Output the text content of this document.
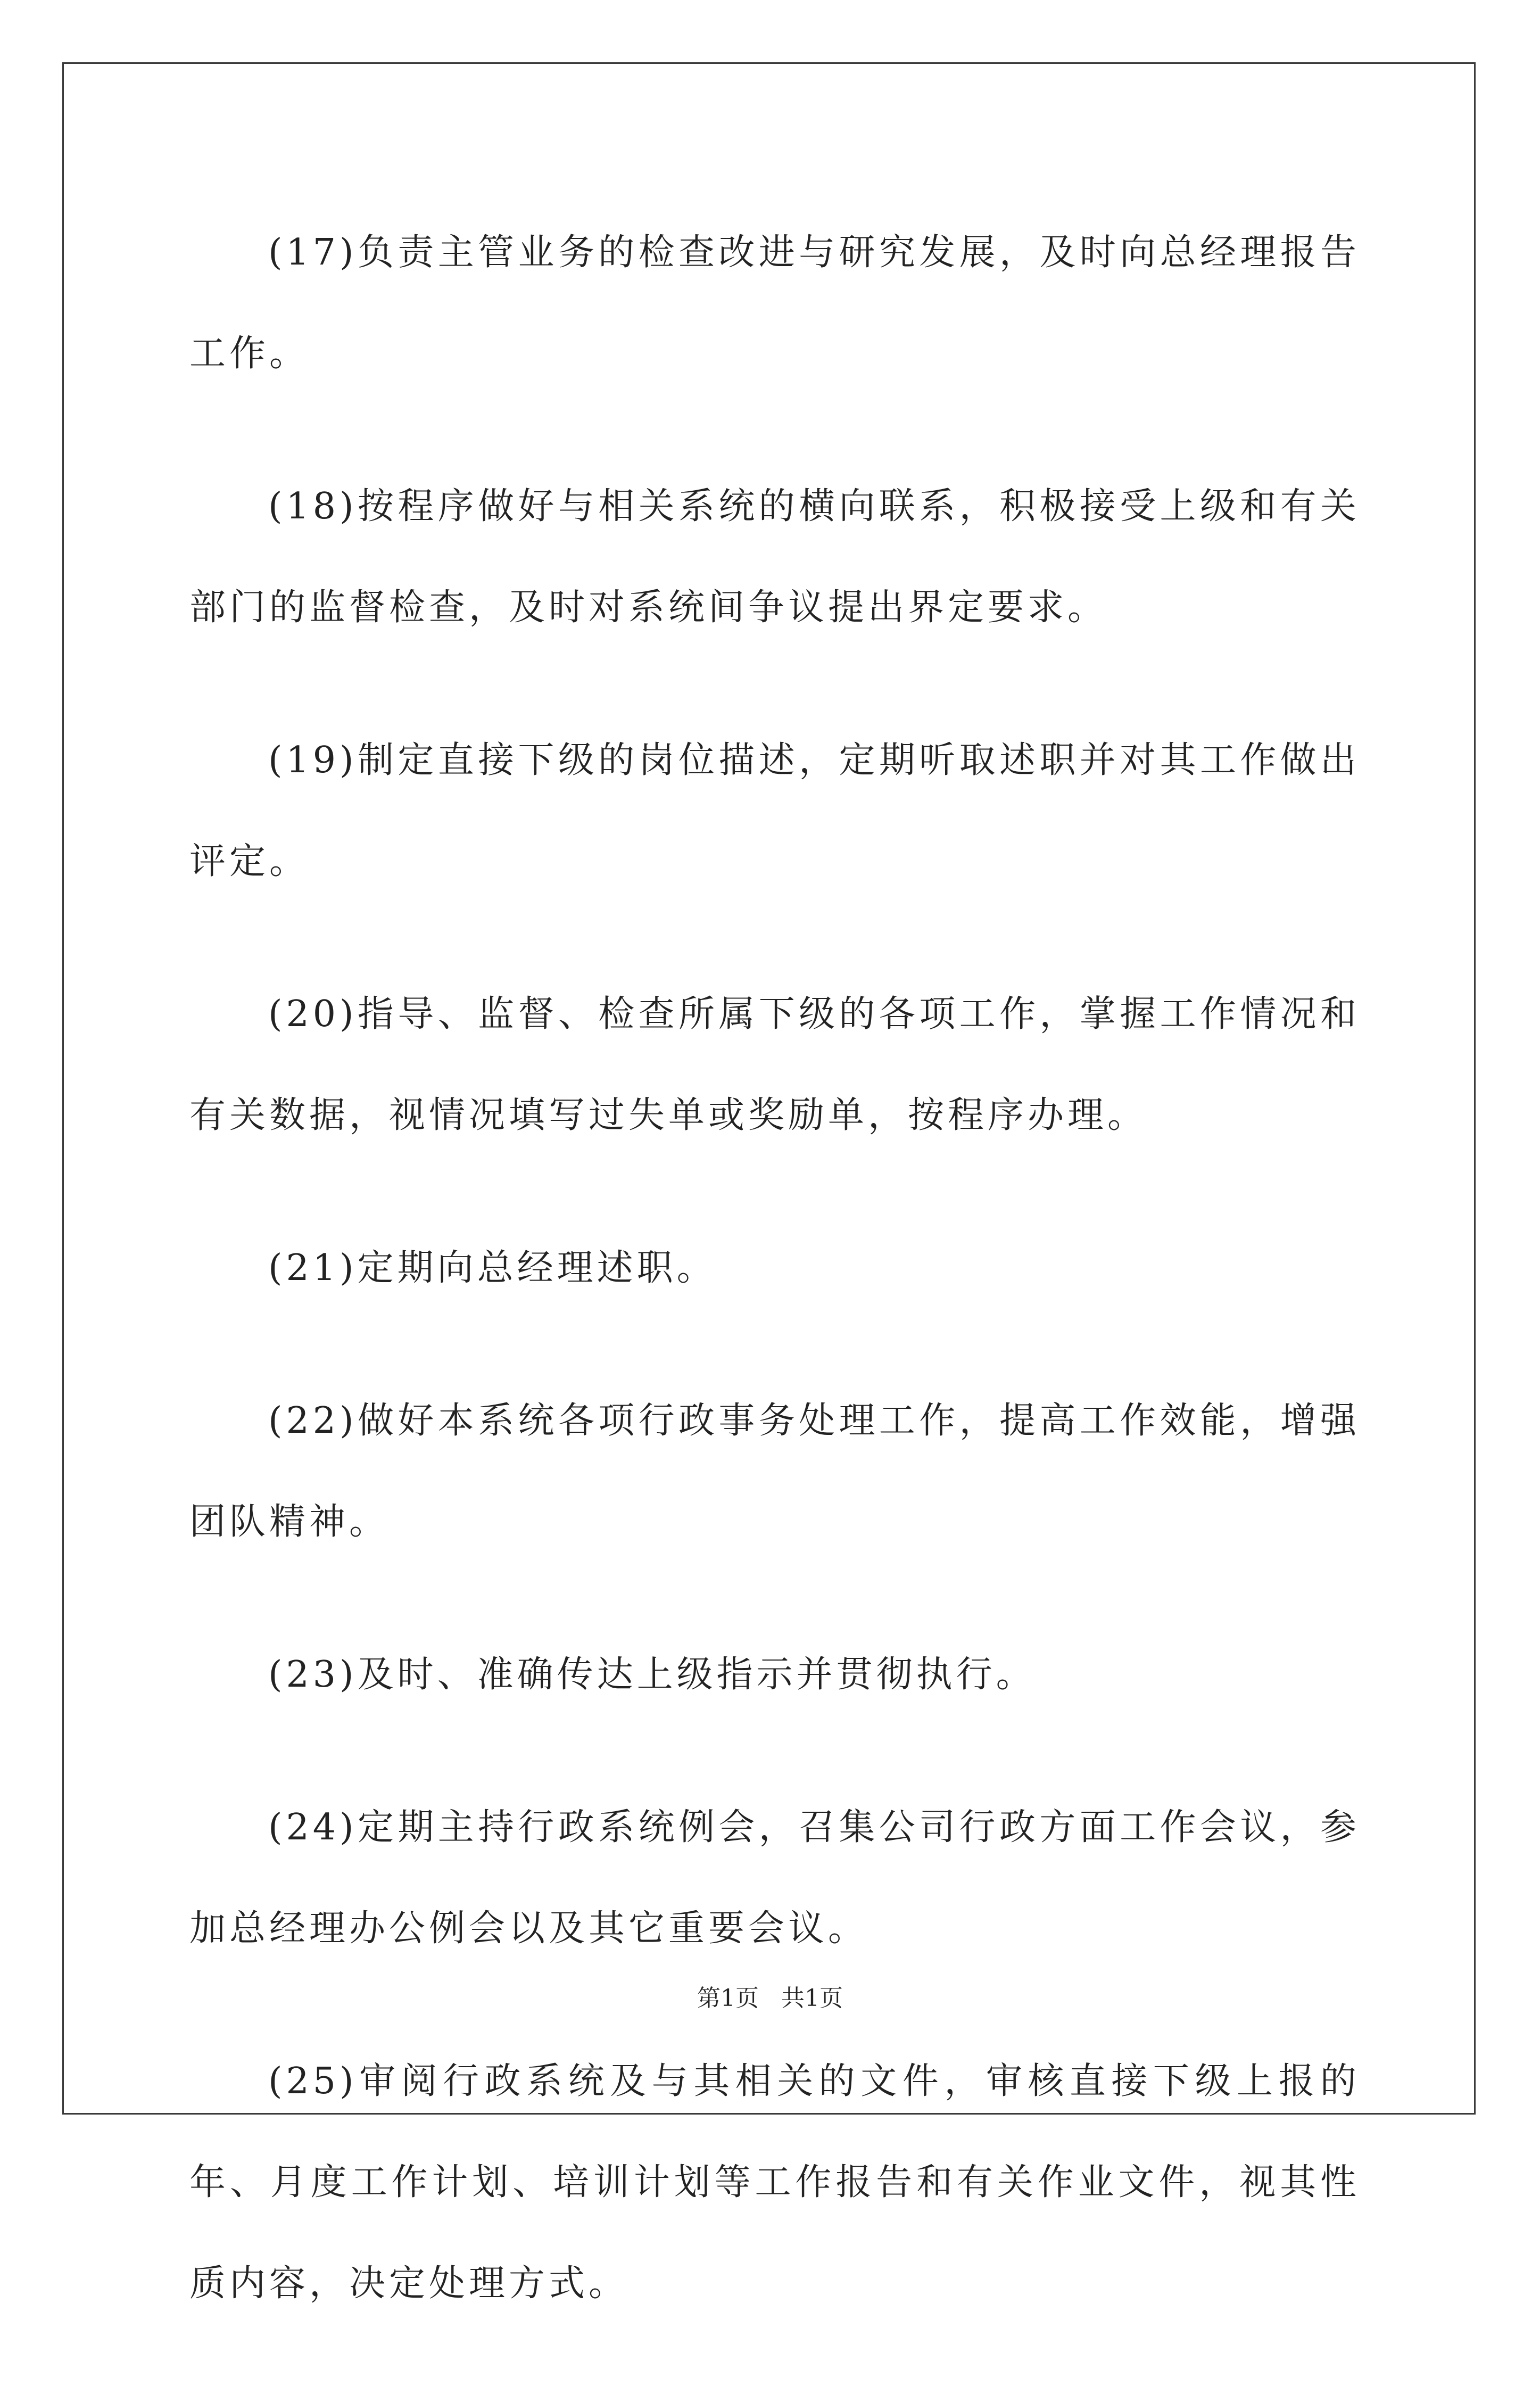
(17)负责主管业务的检查改进与研究发展，及时向总经理报告工作。

(18)按程序做好与相关系统的横向联系，积极接受上级和有关部门的监督检查，及时对系统间争议提出界定要求。

(19)制定直接下级的岗位描述，定期听取述职并对其工作做出评定。

(20)指导、监督、检查所属下级的各项工作，掌握工作情况和有关数据，视情况填写过失单或奖励单，按程序办理。

(21)定期向总经理述职。

(22)做好本系统各项行政事务处理工作，提高工作效能，增强团队精神。

(23)及时、准确传达上级指示并贯彻执行。

(24)定期主持行政系统例会，召集公司行政方面工作会议，参加总经理办公例会以及其它重要会议。

(25)审阅行政系统及与其相关的文件，审核直接下级上报的年、月度工作计划、培训计划等工作报告和有关作业文件，视其性质内容，决定处理方式。

第1页 共1页
